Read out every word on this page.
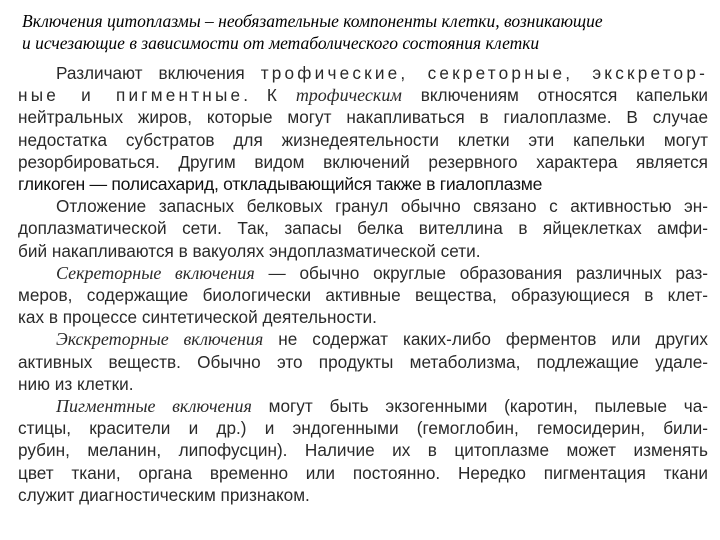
Включения цитоплазмы – необязательные компоненты клетки, возникающие
и исчезающие в зависимости от метаболического состояния клетки
Различают включения трофические, секреторные, экскретор-
ные и пигментные. К трофическим включениям относятся капельки
нейтральных жиров, которые могут накапливаться в гиалоплазме. В случае
недостатка субстратов для жизнедеятельности клетки эти капельки могут
резорбироваться. Другим видом включений резервного характера является
гликоген — полисахарид, откладывающийся также в гиалоплазме
Отложение запасных белковых гранул обычно связано с активностью эн-
доплазматической сети. Так, запасы белка вителлина в яйцеклетках амфи-
бий накапливаются в вакуолях эндоплазматической сети.
Секреторные включения — обычно округлые образования различных раз-
меров, содержащие биологически активные вещества, образующиеся в клет-
ках в процессе синтетической деятельности.
Экскреторные включения не содержат каких-либо ферментов или других
активных веществ. Обычно это продукты метаболизма, подлежащие удале-
нию из клетки.
Пигментные включения могут быть экзогенными (каротин, пылевые ча-
стицы, красители и др.) и эндогенными (гемоглобин, гемосидерин, били-
рубин, меланин, липофусцин). Наличие их в цитоплазме может изменять
цвет ткани, органа временно или постоянно. Нередко пигментация ткани
служит диагностическим признаком.
